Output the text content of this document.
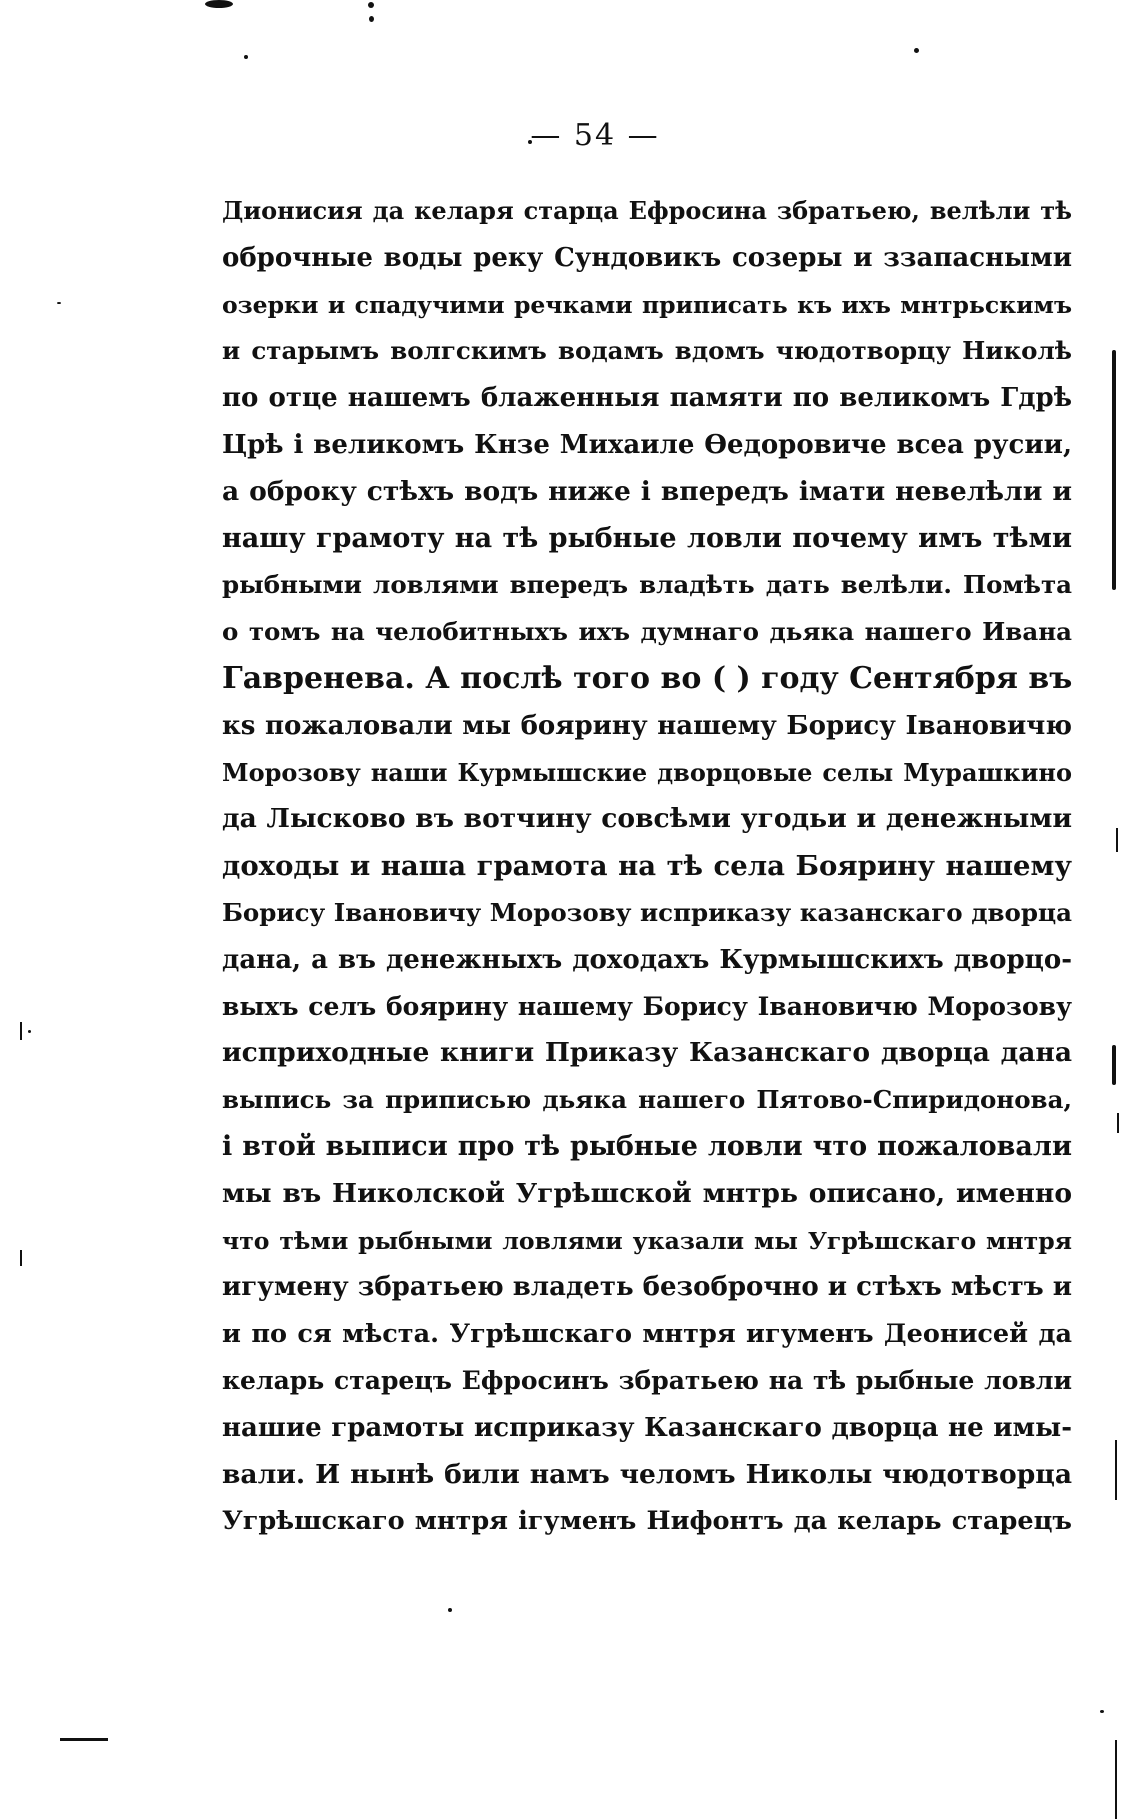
— 54 —
Дионисия да келаря старца Ефросина збратьею, велѣли тѣ
оброчные воды реку Сундовикъ созеры и ззапасными
озерки и спадучими речками приписать къ ихъ мнтрьскимъ
и старымъ волгскимъ водамъ вдомъ чюдотворцу Николѣ
по отце нашемъ блаженныя памяти по великомъ Гдрѣ
Црѣ і великомъ Кнзе Михаиле Өедоровиче всеа русии,
а оброку стѣхъ водъ ниже і впередъ імати невелѣли и
нашу грамоту на тѣ рыбные ловли почему имъ тѣми
рыбными ловлями впередъ владѣть дать велѣли. Помѣта
о томъ на челобитныхъ ихъ думнаго дьяка нашего Ивана
Гавренева. А послѣ того во ( ) году Сентября въ
кѕ пожаловали мы боярину нашему Борису Івановичю
Морозову наши Курмышские дворцовые селы Мурашкино
да Лысково въ вотчину совсѣми угодьи и денежными
доходы и наша грамота на тѣ села Боярину нашему
Борису Івановичу Морозову исприказу казанскаго дворца
дана, а въ денежныхъ доходахъ Курмышскихъ дворцо-
выхъ селъ боярину нашему Борису Івановичю Морозову
исприходные книги Приказу Казанскаго дворца дана
выпись за приписью дьяка нашего Пятово-Спиридонова,
і втой выписи про тѣ рыбные ловли что пожаловали
мы въ Николской Угрѣшской мнтрь описано, именно
что тѣми рыбными ловлями указали мы Угрѣшскаго мнтря
игумену збратьею владеть безоброчно и стѣхъ мѣстъ и
и по ся мѣста. Угрѣшскаго мнтря игуменъ Деонисей да
келарь старецъ Ефросинъ збратьею на тѣ рыбные ловли
нашие грамоты исприказу Казанскаго дворца не имы-
вали. И нынѣ били намъ челомъ Николы чюдотворца
Угрѣшскаго мнтря ігуменъ Нифонтъ да келарь старецъ
